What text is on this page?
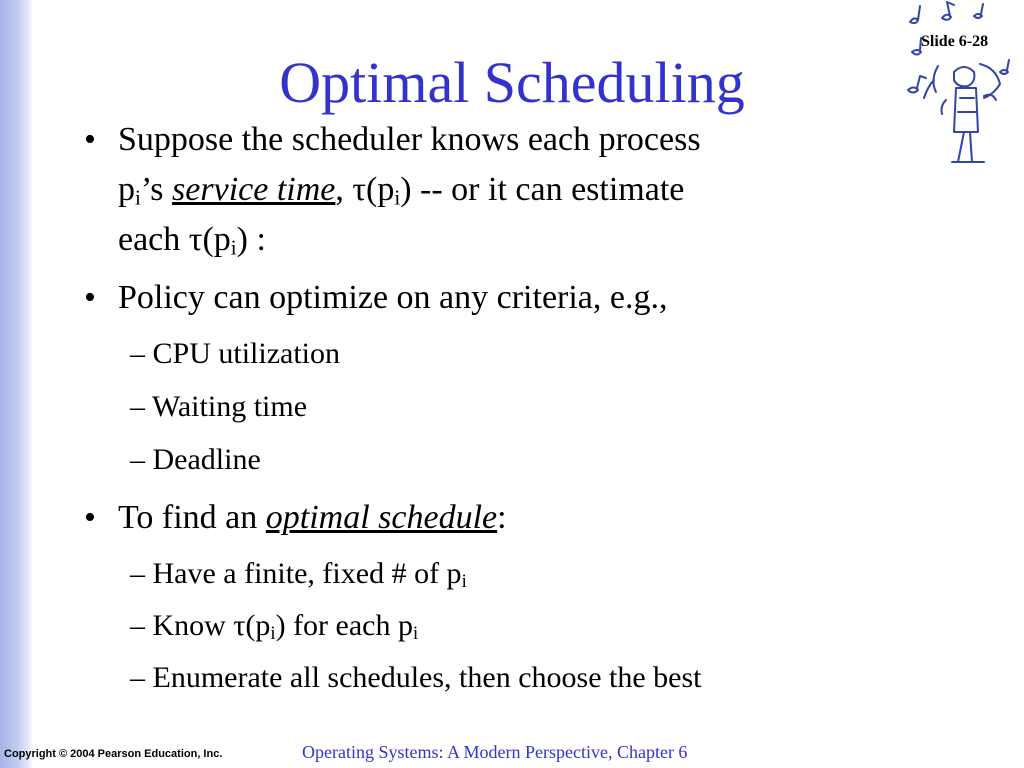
Optimal Scheduling
Slide 6-28
• Suppose the scheduler knows each process
$p_i’s$ service time, $\tau(p_i)$ -- or it can estimate
each $\tau(p_i)$ :
• Policy can optimize on any criteria, e.g.,
– CPU utilization
– Waiting time
– Deadline
• To find an optimal schedule:
– Have a finite, fixed # of $p_i$
– Know $\tau(p_i)$ for each $p_i$
– Enumerate all schedules, then choose the best
Copyright © 2004 Pearson Education, Inc.	Operating Systems: A Modern Perspective, Chapter 6
